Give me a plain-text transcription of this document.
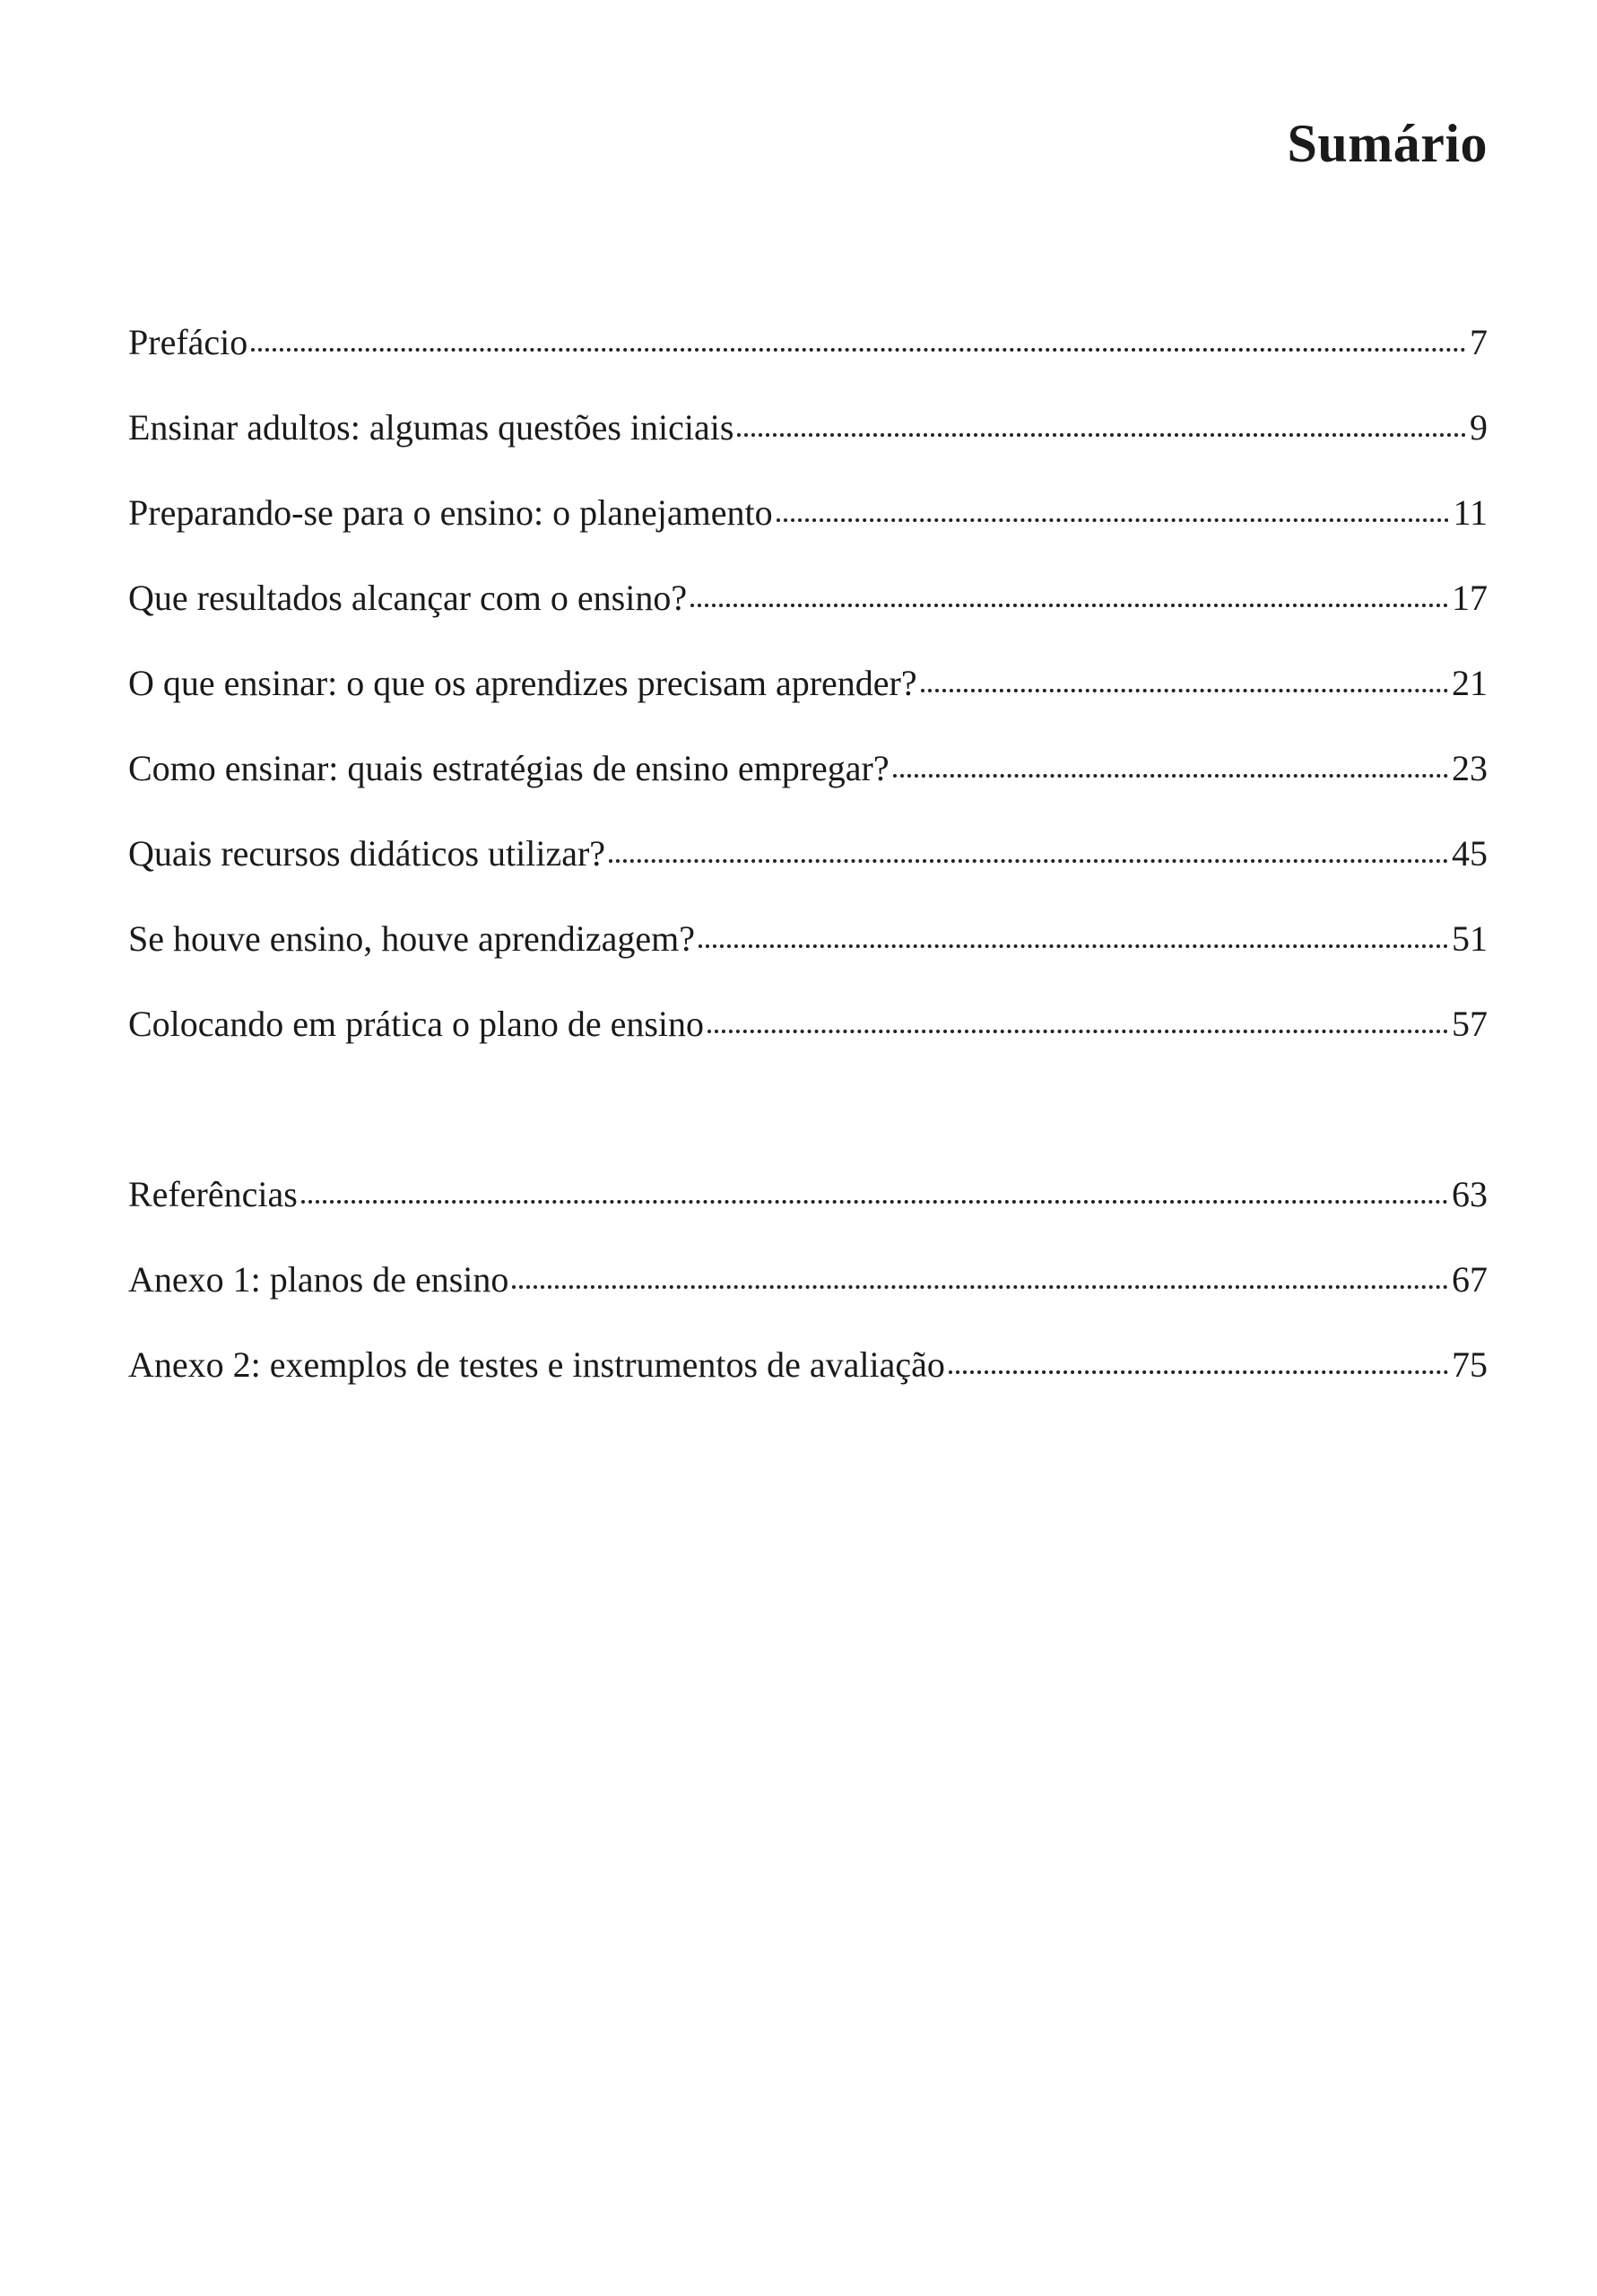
Sumário
Prefácio	7
Ensinar adultos: algumas questões iniciais	9
Preparando-se para o ensino: o planejamento	11
Que resultados alcançar com o ensino?	17
O que ensinar: o que os aprendizes precisam aprender?	21
Como ensinar: quais estratégias de ensino empregar?	23
Quais recursos didáticos utilizar?	45
Se houve ensino, houve aprendizagem?	51
Colocando em prática o plano de ensino	57
Referências	63
Anexo 1: planos de ensino	67
Anexo 2: exemplos de testes e instrumentos de avaliação	75
